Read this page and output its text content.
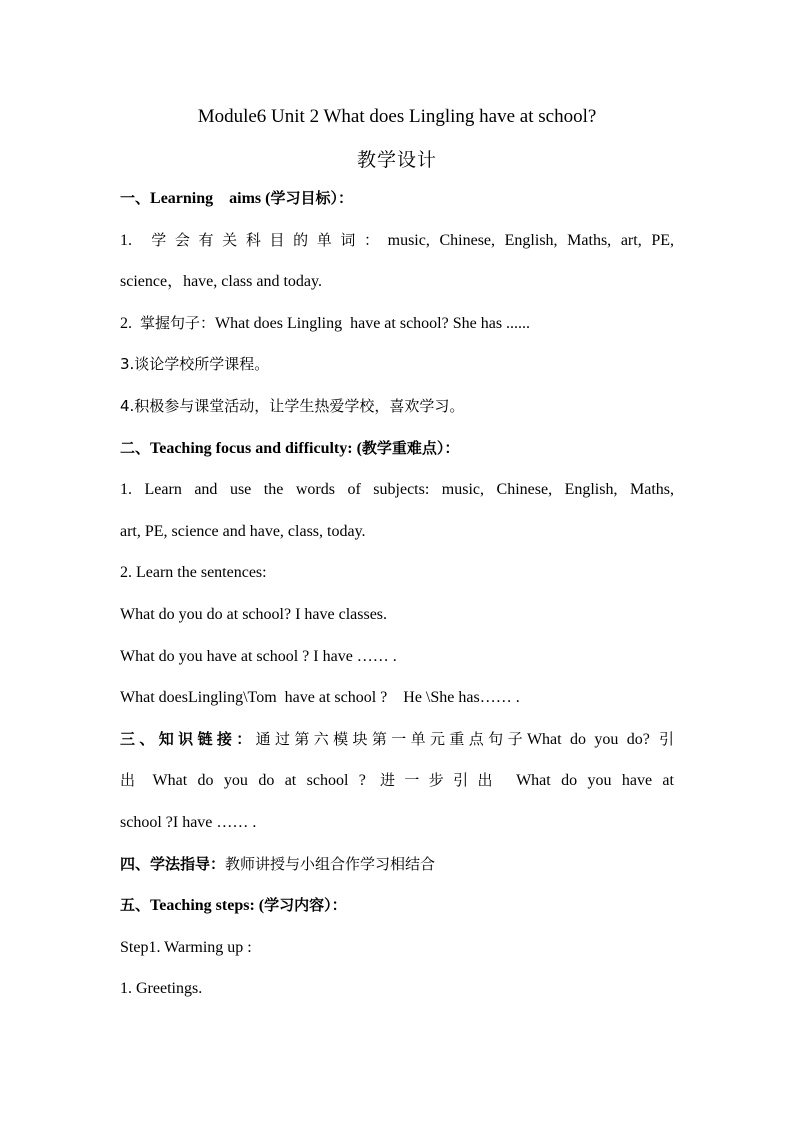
Module6 Unit 2 What does Lingling have at school?
教学设计

一、Learning    aims (学习目标）：

1.  学会有关科目的单词：music, Chinese, English, Maths, art, PE,

science，have, class and today.

2.  掌握句子：What does Lingling  have at school? She has ......

3.谈论学校所学课程。

4.积极参与课堂活动，让学生热爱学校，喜欢学习。

二、Teaching focus and difficulty: (教学重难点）：

1. Learn and use the words of subjects: music, Chinese, English, Maths,

art, PE, science and have, class, today.

2. Learn the sentences:

What do you do at school? I have classes.

What do you have at school ? I have …… .

What doesLingling\Tom  have at school ?    He \She has…… .

三、知识链接：通过第六模块第一单元重点句子What do you do? 引

出 What do you do at school ? 进一步引出 What do you have at

school ?I have …… .

四、学法指导：教师讲授与小组合作学习相结合

五、Teaching steps: (学习内容）：

Step1. Warming up :

1. Greetings.
